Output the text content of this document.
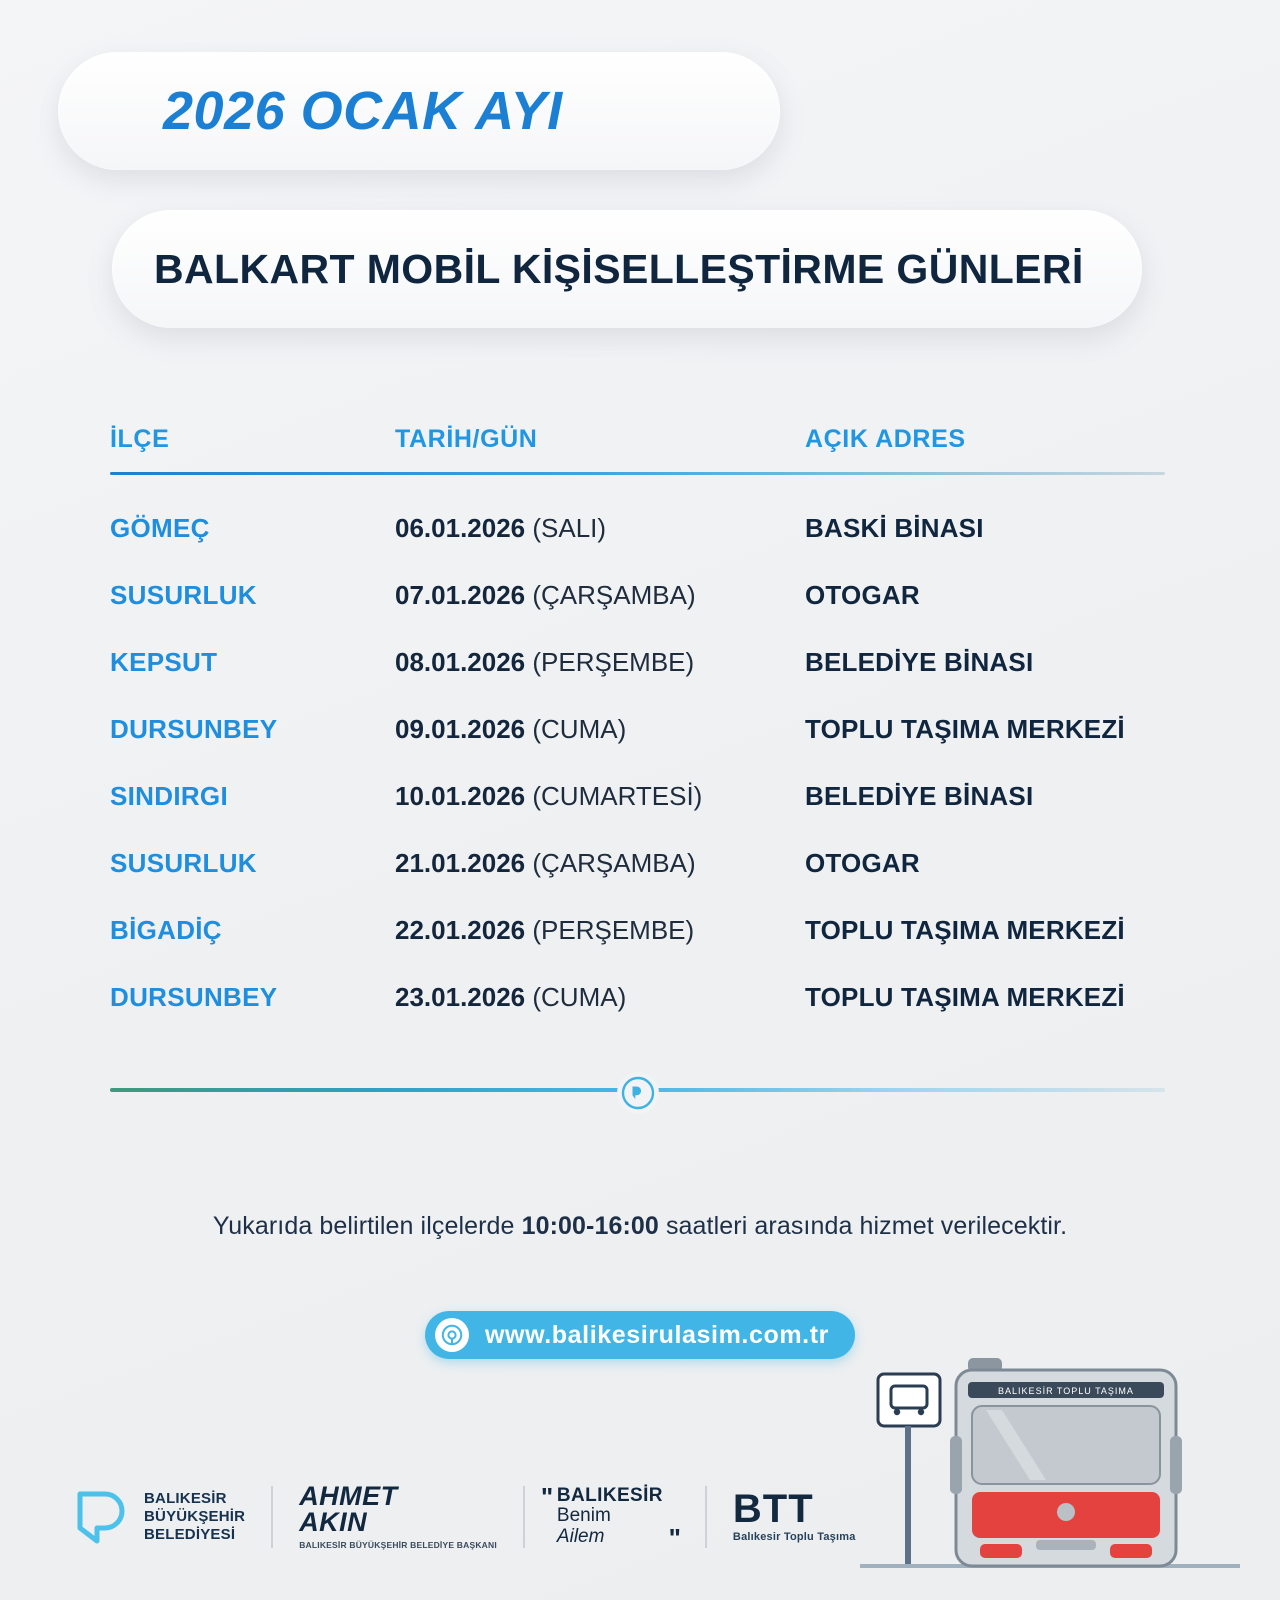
2026 OCAK AYI
BALKART MOBİL KİŞİSELLEŞTİRME GÜNLERİ
İLÇE	TARİH/GÜN	AÇIK ADRES
GÖMEÇ	06.01.2026 (SALI)	BASKİ BİNASI
SUSURLUK	07.01.2026 (ÇARŞAMBA)	OTOGAR
KEPSUT	08.01.2026 (PERŞEMBE)	BELEDİYE BİNASI
DURSUNBEY	09.01.2026 (CUMA)	TOPLU TAŞIMA MERKEZİ
SINDIRGI	10.01.2026 (CUMARTESİ)	BELEDİYE BİNASI
SUSURLUK	21.01.2026 (ÇARŞAMBA)	OTOGAR
BİGADİÇ	22.01.2026 (PERŞEMBE)	TOPLU TAŞIMA MERKEZİ
DURSUNBEY	23.01.2026 (CUMA)	TOPLU TAŞIMA MERKEZİ
Yukarıda belirtilen ilçelerde 10:00-16:00 saatleri arasında hizmet verilecektir.
www.balikesirulasim.com.tr
BALIKESİR
BÜYÜKŞEHİR
BELEDİYESİ
AHMET
AKIN
BALIKESİR BÜYÜKŞEHİR BELEDİYE BAŞKANI
" BALIKESİR
Benim
Ailem	"
BTT
Balıkesir Toplu Taşıma
BALIKESİR TOPLU TAŞIMA
